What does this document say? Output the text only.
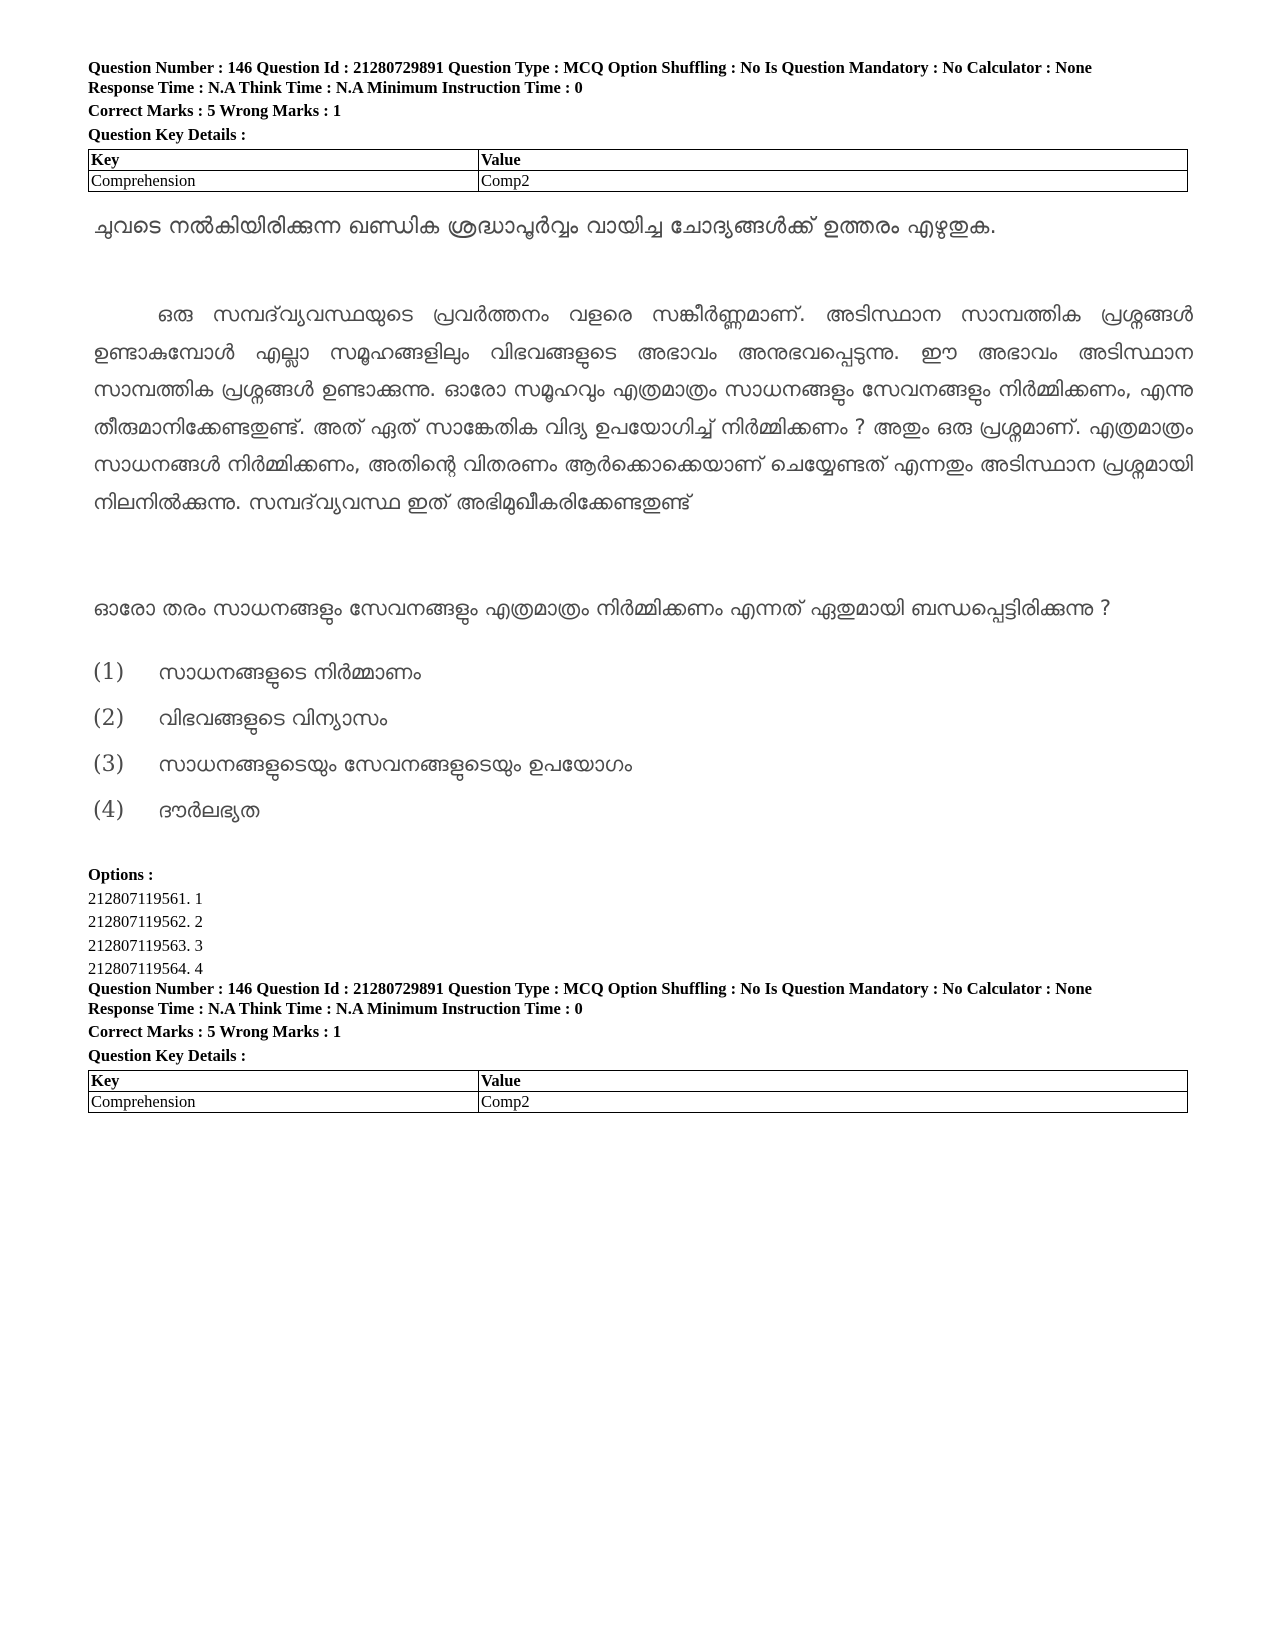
Question Number : 146 Question Id : 21280729891 Question Type : MCQ Option Shuffling : No Is Question Mandatory : No Calculator : None

Response Time : N.A Think Time : N.A Minimum Instruction Time : 0

Correct Marks : 5 Wrong Marks : 1

Question Key Details :

Key	Value
Comprehension	Comp2
ചുവടെ നൽകിയിരിക്കുന്ന ഖണ്ഡിക ശ്രദ്ധാപൂർവ്വം വായിച്ച ചോദ്യങ്ങൾക്ക് ഉത്തരം എഴുതുക.
ഒരു സമ്പദ്‌വ്യവസ്ഥയുടെ പ്രവർത്തനം വളരെ സങ്കീർണ്ണമാണ്. അടിസ്ഥാന സാമ്പത്തിക പ്രശ്നങ്ങൾ ഉണ്ടാകുമ്പോൾ എല്ലാ സമൂഹങ്ങളിലും വിഭവങ്ങളുടെ അഭാവം അനുഭവപ്പെടുന്നു. ഈ അഭാവം അടിസ്ഥാന സാമ്പത്തിക പ്രശ്നങ്ങൾ ഉണ്ടാക്കുന്നു. ഓരോ സമൂഹവും എത്രമാത്രം സാധനങ്ങളും സേവനങ്ങളും നിർമ്മിക്കണം, എന്നു തീരുമാനിക്കേണ്ടതുണ്ട്. അത് ഏത് സാങ്കേതിക വിദ്യ ഉപയോഗിച്ച് നിർമ്മിക്കണം ? അതും ഒരു പ്രശ്നമാണ്. എത്രമാത്രം സാധനങ്ങൾ നിർമ്മിക്കണം, അതിന്റെ വിതരണം ആർക്കൊക്കെയാണ് ചെയ്യേണ്ടത് എന്നതും അടിസ്ഥാന പ്രശ്നമായി നിലനിൽക്കുന്നു. സമ്പദ്‌വ്യവസ്ഥ ഇത് അഭിമുഖീകരിക്കേണ്ടതുണ്ട്
ഓരോ തരം സാധനങ്ങളും സേവനങ്ങളും എത്രമാത്രം നിർമ്മിക്കണം എന്നത് ഏതുമായി ബന്ധപ്പെട്ടിരിക്കുന്നു ?
(1) സാധനങ്ങളുടെ നിർമ്മാണം
(2) വിഭവങ്ങളുടെ വിന്യാസം
(3) സാധനങ്ങളുടെയും സേവനങ്ങളുടെയും ഉപയോഗം
(4) ദൗർലഭ്യത
Options :
212807119561. 1
212807119562. 2
212807119563. 3
212807119564. 4

Question Number : 146 Question Id : 21280729891 Question Type : MCQ Option Shuffling : No Is Question Mandatory : No Calculator : None

Response Time : N.A Think Time : N.A Minimum Instruction Time : 0

Correct Marks : 5 Wrong Marks : 1

Question Key Details :

Key	Value
Comprehension	Comp2
